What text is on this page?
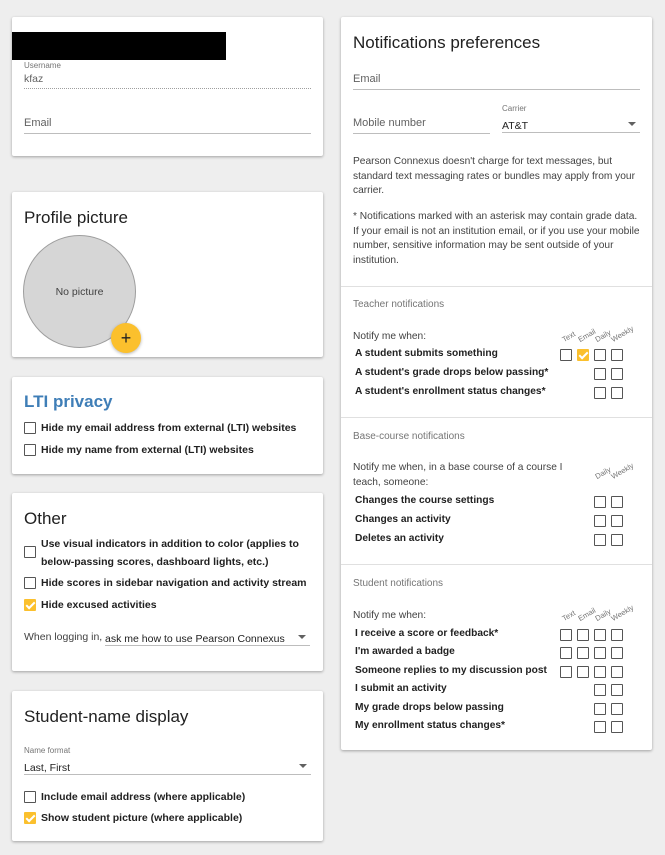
Username
kfaz
Email
Profile picture
No picture
+
LTI privacy
Hide my email address from external (LTI) websites
Hide my name from external (LTI) websites
Other
Use visual indicators in addition to color (applies to
below-passing scores, dashboard lights, etc.)
Hide scores in sidebar navigation and activity stream
Hide excused activities
When logging in, ask me how to use Pearson Connexus
Student-name display
Name format
Last, First
Include email address (where applicable)
Show student picture (where applicable)
Notifications preferences
Email
Mobile number
Carrier
AT&T
Pearson Connexus doesn't charge for text messages, but standard text messaging rates or bundles may apply from your carrier.
* Notifications marked with an asterisk may contain grade data. If your email is not an institution email, or if you use your mobile number, sensitive information may be sent outside of your institution.
Teacher notifications
Notify me when:	Text Email
Daily
Weekly
A student submits something
A student's grade drops below passing*
A student's enrollment status changes*
Base-course notifications
Notify me when, in a base course of a course I teach, someone:
Daily
Weekly
Changes the course settings
Changes an activity
Deletes an activity
Student notifications
Notify me when:	Text Email
Daily
Weekly
I receive a score or feedback*
I'm awarded a badge
Someone replies to my discussion post
I submit an activity
My grade drops below passing
My enrollment status changes*
